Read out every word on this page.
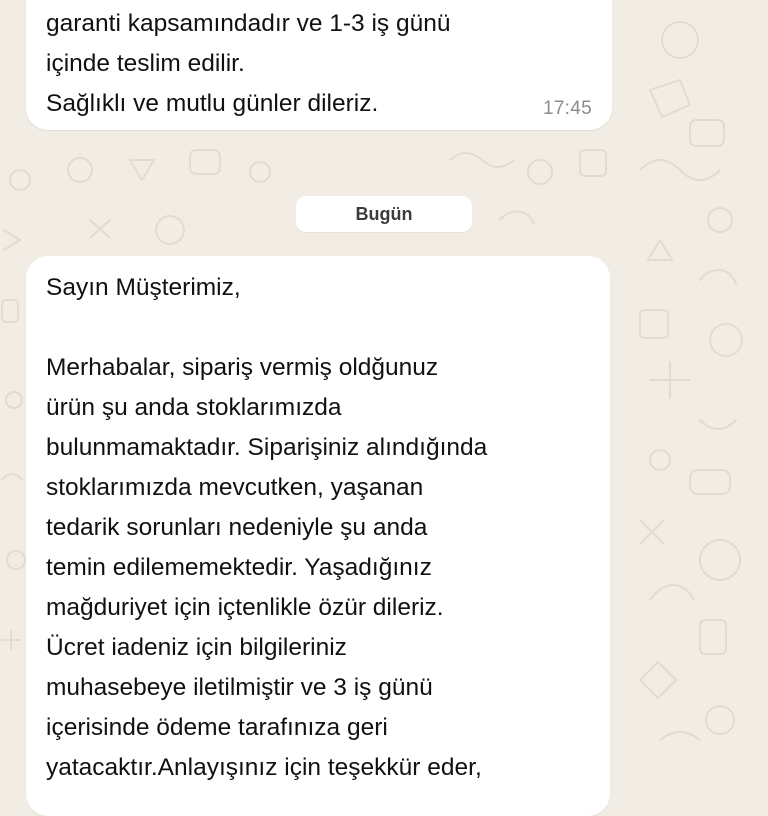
garanti kapsamındadır ve 1-3 iş günü
içinde teslim edilir.
Sağlıklı ve mutlu günler dileriz.	17:45
Bugün

Sayın Müşterimiz,

Merhabalar, sipariş vermiş oldğunuz
ürün şu anda stoklarımızda
bulunmamaktadır. Siparişiniz alındığında
stoklarımızda mevcutken, yaşanan
tedarik sorunları nedeniyle şu anda
temin edilememektedir. Yaşadığınız
mağduriyet için içtenlikle özür dileriz.
Ücret iadeniz için bilgileriniz
muhasebeye iletilmiştir ve 3 iş günü
içerisinde ödeme tarafınıza geri
yatacaktır.Anlayışınız için teşekkür eder,
